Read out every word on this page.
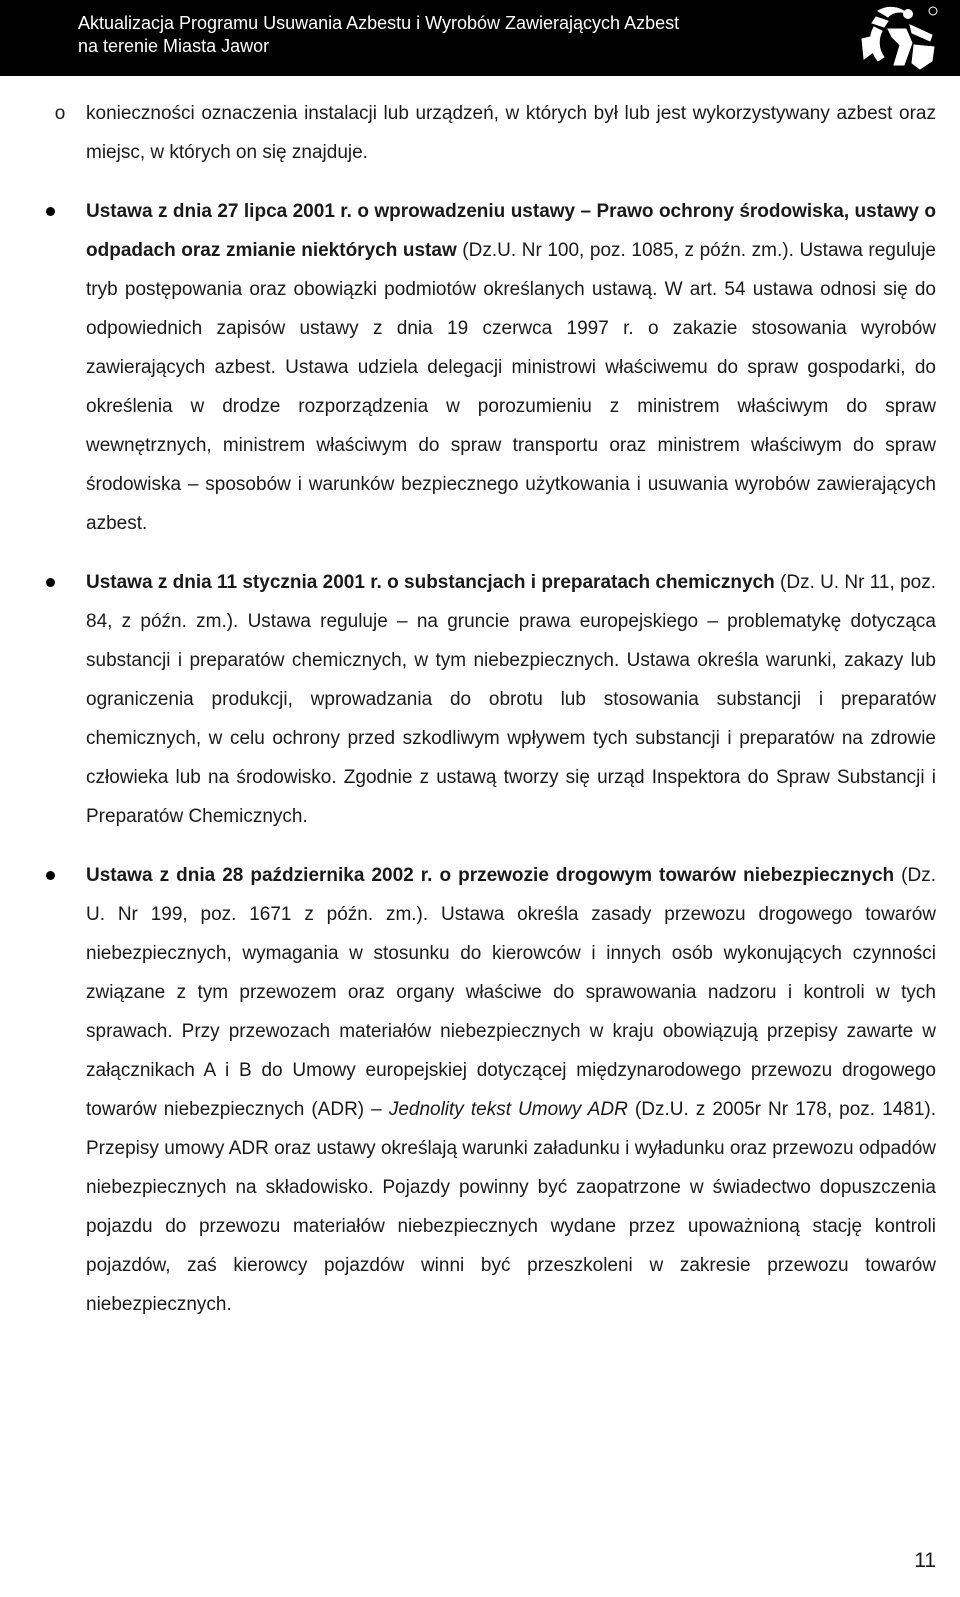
Aktualizacja Programu Usuwania Azbestu i Wyrobów Zawierających Azbest
na terenie Miasta Jawor
o konieczności oznaczenia instalacji lub urządzeń, w których był lub jest wykorzystywany azbest oraz miejsc, w których on się znajduje.
Ustawa z dnia 27 lipca 2001 r. o wprowadzeniu ustawy – Prawo ochrony środowiska, ustawy o odpadach oraz zmianie niektórych ustaw (Dz.U. Nr 100, poz. 1085, z późn. zm.). Ustawa reguluje tryb postępowania oraz obowiązki podmiotów określanych ustawą. W art. 54 ustawa odnosi się do odpowiednich zapisów ustawy z dnia 19 czerwca 1997 r. o zakazie stosowania wyrobów zawierających azbest. Ustawa udziela delegacji ministrowi właściwemu do spraw gospodarki, do określenia w drodze rozporządzenia w porozumieniu z ministrem właściwym do spraw wewnętrznych, ministrem właściwym do spraw transportu oraz ministrem właściwym do spraw środowiska – sposobów i warunków bezpiecznego użytkowania i usuwania wyrobów zawierających azbest.
Ustawa z dnia 11 stycznia 2001 r. o substancjach i preparatach chemicznych (Dz. U. Nr 11, poz. 84, z późn. zm.). Ustawa reguluje – na gruncie prawa europejskiego – problematykę dotycząca substancji i preparatów chemicznych, w tym niebezpiecznych. Ustawa określa warunki, zakazy lub ograniczenia produkcji, wprowadzania do obrotu lub stosowania substancji i preparatów chemicznych, w celu ochrony przed szkodliwym wpływem tych substancji i preparatów na zdrowie człowieka lub na środowisko. Zgodnie z ustawą tworzy się urząd Inspektora do Spraw Substancji i Preparatów Chemicznych.
Ustawa z dnia 28 października 2002 r. o przewozie drogowym towarów niebezpiecznych (Dz. U. Nr 199, poz. 1671 z późn. zm.). Ustawa określa zasady przewozu drogowego towarów niebezpiecznych, wymagania w stosunku do kierowców i innych osób wykonujących czynności związane z tym przewozem oraz organy właściwe do sprawowania nadzoru i kontroli w tych sprawach. Przy przewozach materiałów niebezpiecznych w kraju obowiązują przepisy zawarte w załącznikach A i B do Umowy europejskiej dotyczącej międzynarodowego przewozu drogowego towarów niebezpiecznych (ADR) – Jednolity tekst Umowy ADR (Dz.U. z 2005r Nr 178, poz. 1481). Przepisy umowy ADR oraz ustawy określają warunki załadunku i wyładunku oraz przewozu odpadów niebezpiecznych na składowisko. Pojazdy powinny być zaopatrzone w świadectwo dopuszczenia pojazdu do przewozu materiałów niebezpiecznych wydane przez upoważnioną stację kontroli pojazdów, zaś kierowcy pojazdów winni być przeszkoleni w zakresie przewozu towarów niebezpiecznych.
11
